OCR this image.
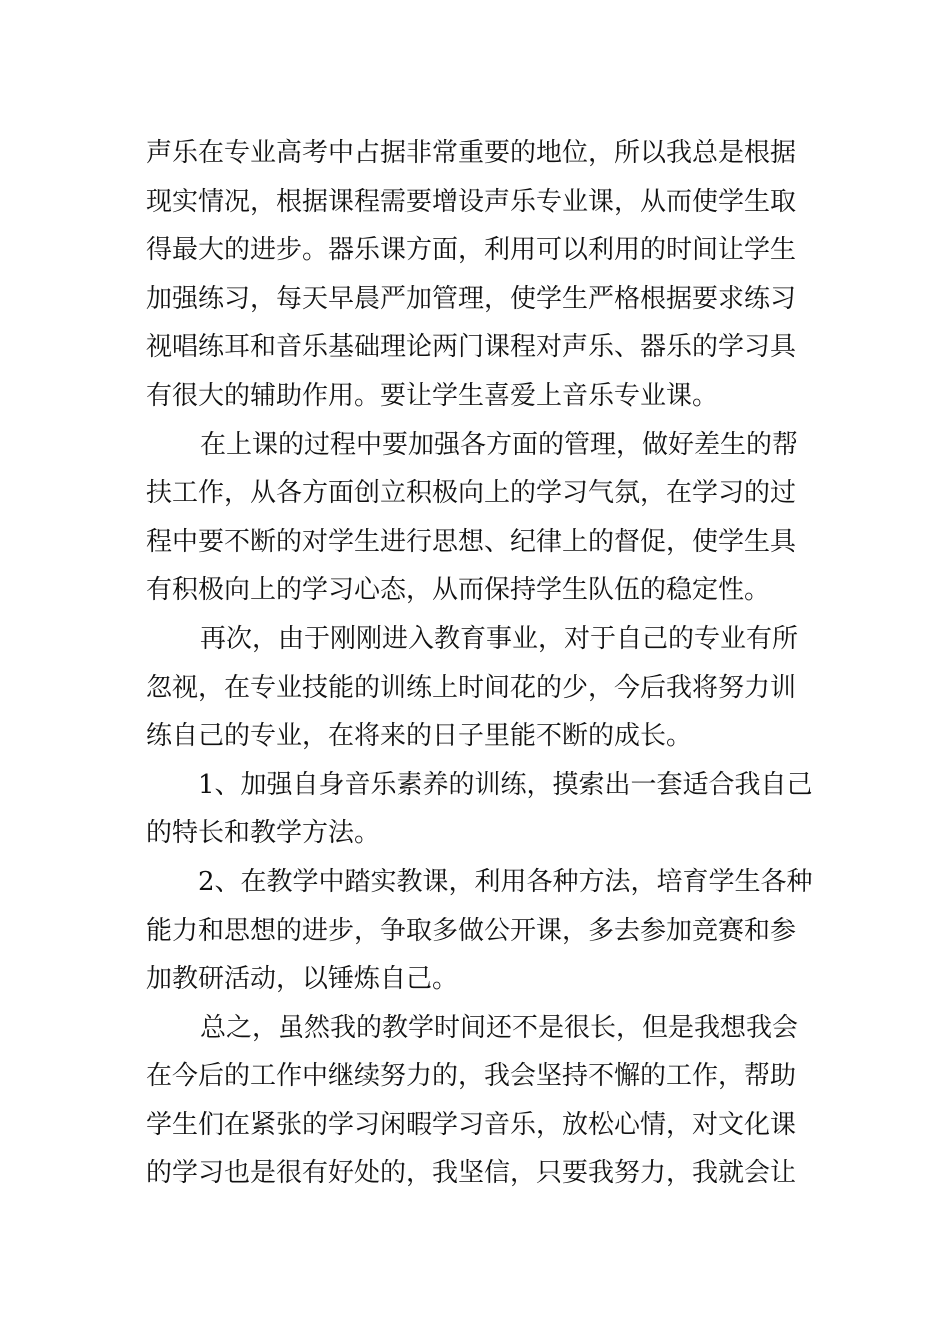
声乐在专业高考中占据非常重要的地位，所以我总是根据
现实情况，根据课程需要增设声乐专业课，从而使学生取
得最大的进步。器乐课方面，利用可以利用的时间让学生
加强练习，每天早晨严加管理，使学生严格根据要求练习
视唱练耳和音乐基础理论两门课程对声乐、器乐的学习具
有很大的辅助作用。要让学生喜爱上音乐专业课。
在上课的过程中要加强各方面的管理，做好差生的帮
扶工作，从各方面创立积极向上的学习气氛，在学习的过
程中要不断的对学生进行思想、纪律上的督促，使学生具
有积极向上的学习心态，从而保持学生队伍的稳定性。
再次，由于刚刚进入教育事业，对于自己的专业有所
忽视，在专业技能的训练上时间花的少，今后我将努力训
练自己的专业，在将来的日子里能不断的成长。
1、加强自身音乐素养的训练，摸索出一套适合我自己
的特长和教学方法。
2、在教学中踏实教课，利用各种方法，培育学生各种
能力和思想的进步，争取多做公开课，多去参加竞赛和参
加教研活动，以锤炼自己。
总之，虽然我的教学时间还不是很长，但是我想我会
在今后的工作中继续努力的，我会坚持不懈的工作，帮助
学生们在紧张的学习闲暇学习音乐，放松心情，对文化课
的学习也是很有好处的，我坚信，只要我努力，我就会让
